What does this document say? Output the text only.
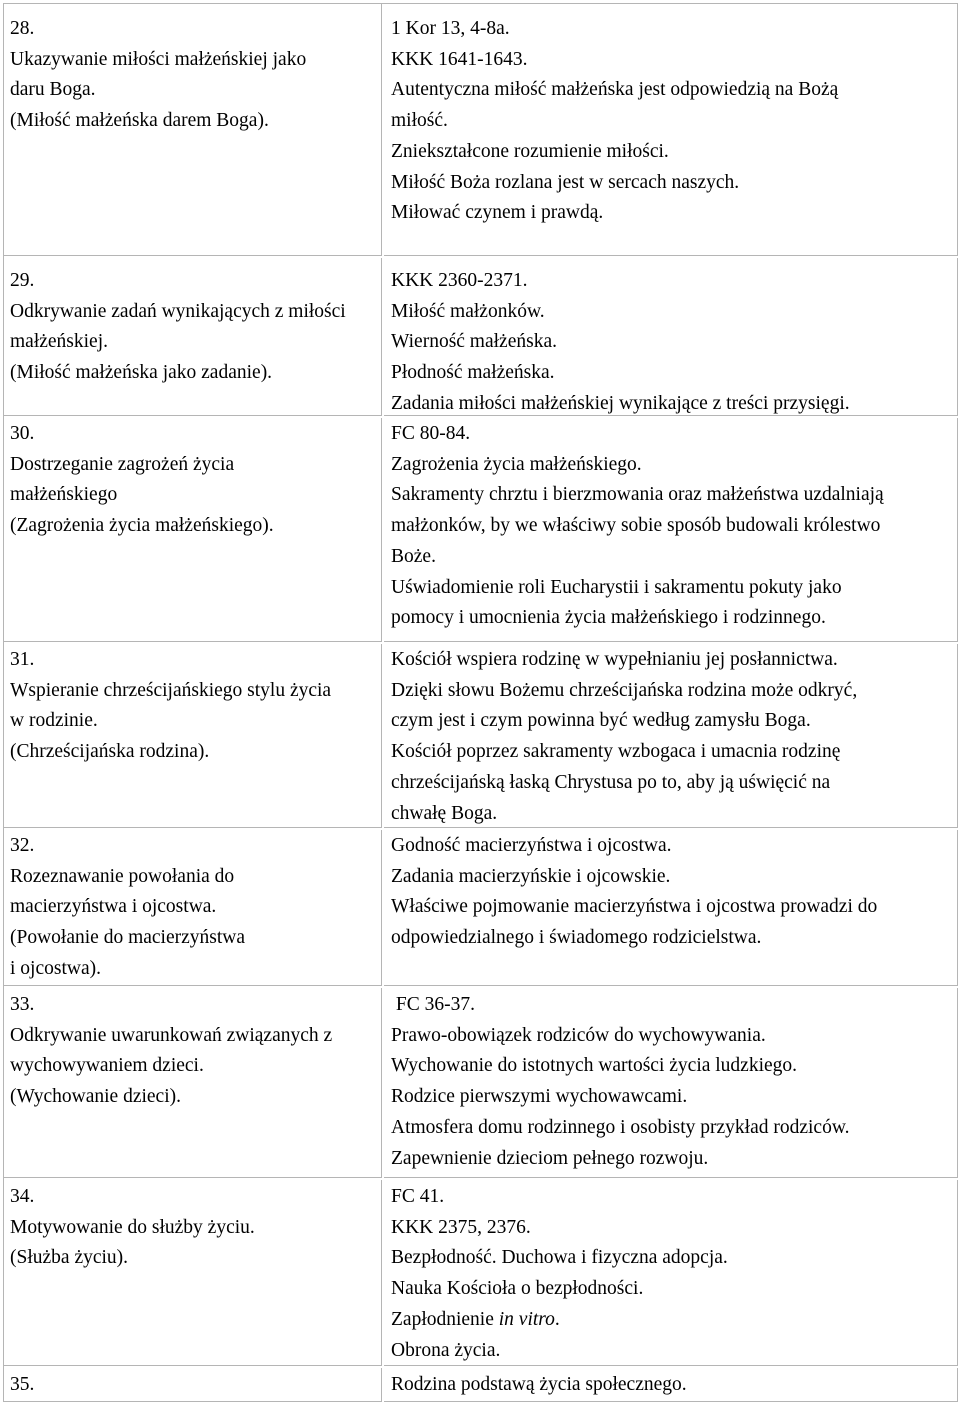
28.
Ukazywanie miłości małżeńskiej jako
daru Boga.
(Miłość małżeńska darem Boga).
1 Kor 13, 4-8a.
KKK 1641-1643.
Autentyczna miłość małżeńska jest odpowiedzią na Bożą
miłość.
Zniekształcone rozumienie miłości.
Miłość Boża rozlana jest w sercach naszych.
Miłować czynem i prawdą.
29.
Odkrywanie zadań wynikających z miłości
małżeńskiej.
(Miłość małżeńska jako zadanie).
KKK 2360-2371.
Miłość małżonków.
Wierność małżeńska.
Płodność małżeńska.
Zadania miłości małżeńskiej wynikające z treści przysięgi.
30.
Dostrzeganie zagrożeń życia
małżeńskiego
(Zagrożenia życia małżeńskiego).
FC 80-84.
Zagrożenia życia małżeńskiego.
Sakramenty chrztu i bierzmowania oraz małżeństwa uzdalniają
małżonków, by we właściwy sobie sposób budowali królestwo
Boże.
Uświadomienie roli Eucharystii i sakramentu pokuty jako
pomocy i umocnienia życia małżeńskiego i rodzinnego.
31.
Wspieranie chrześcijańskiego stylu życia
w rodzinie.
(Chrześcijańska rodzina).
Kościół wspiera rodzinę w wypełnianiu jej posłannictwa.
Dzięki słowu Bożemu chrześcijańska rodzina może odkryć,
czym jest i czym powinna być według zamysłu Boga.
Kościół poprzez sakramenty wzbogaca i umacnia rodzinę
chrześcijańską łaską Chrystusa po to, aby ją uświęcić na
chwałę Boga.
32.
Rozeznawanie powołania do
macierzyństwa i ojcostwa.
(Powołanie do macierzyństwa
i ojcostwa).
Godność macierzyństwa i ojcostwa.
Zadania macierzyńskie i ojcowskie.
Właściwe pojmowanie macierzyństwa i ojcostwa prowadzi do
odpowiedzialnego i świadomego rodzicielstwa.
33.
Odkrywanie uwarunkowań związanych z
wychowywaniem dzieci.
(Wychowanie dzieci).
FC 36-37.
Prawo-obowiązek rodziców do wychowywania.
Wychowanie do istotnych wartości życia ludzkiego.
Rodzice pierwszymi wychowawcami.
Atmosfera domu rodzinnego i osobisty przykład rodziców.
Zapewnienie dzieciom pełnego rozwoju.
34.
Motywowanie do służby życiu.
(Służba życiu).
FC 41.
KKK 2375, 2376.
Bezpłodność. Duchowa i fizyczna adopcja.
Nauka Kościoła o bezpłodności.
Zapłodnienie in vitro.
Obrona życia.
35.	Rodzina podstawą życia społecznego.
